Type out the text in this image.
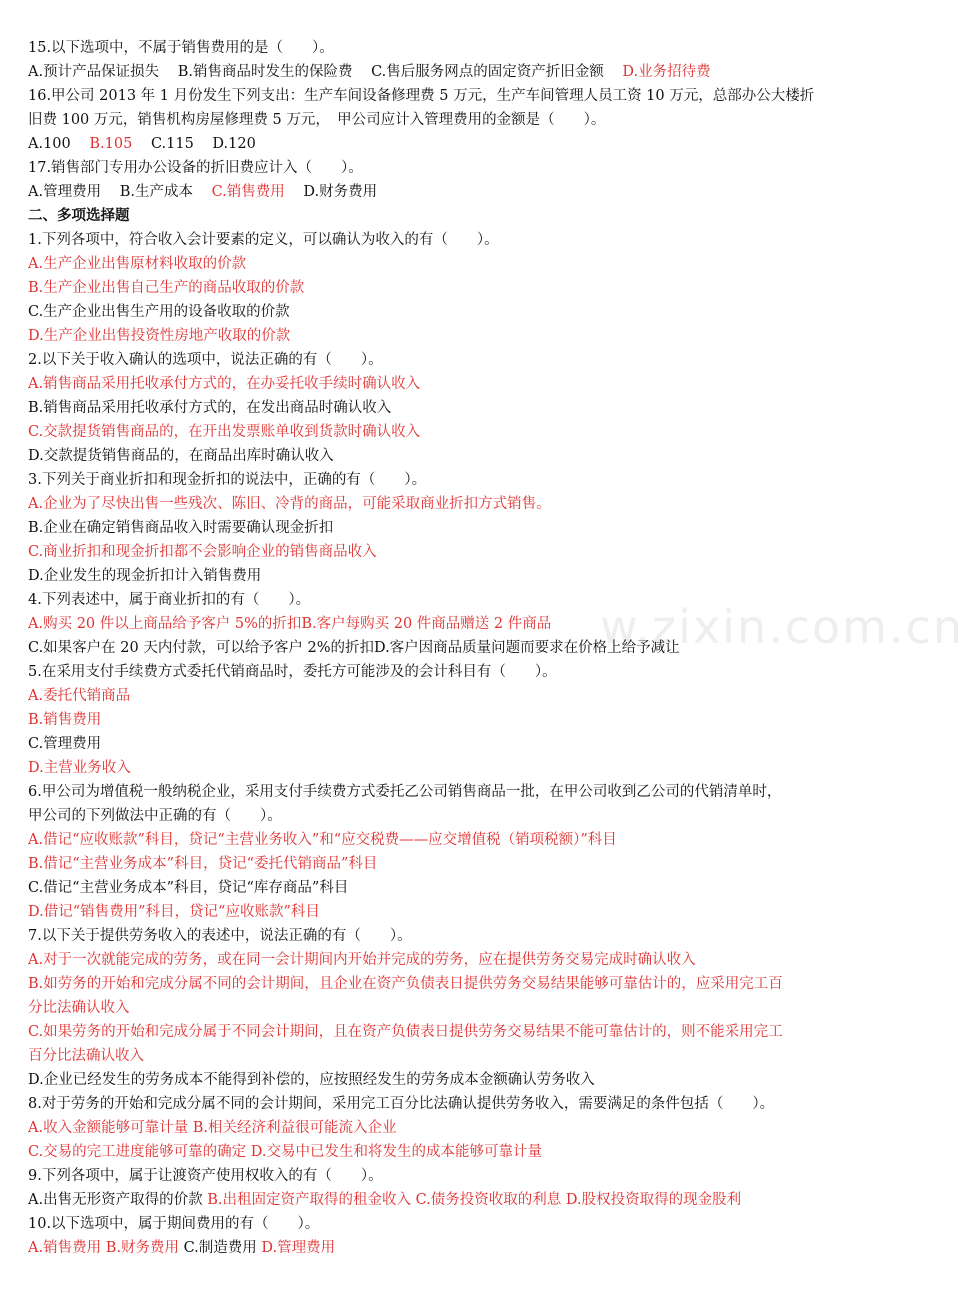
w.zixin.com.cn
15.以下选项中，不属于销售费用的是（　　）。
A.预计产品保证损失 B.销售商品时发生的保险费 C.售后服务网点的固定资产折旧金额 D.业务招待费
16.甲公司 2013 年 1 月份发生下列支出：生产车间设备修理费 5 万元，生产车间管理人员工资 10 万元，总部办公大楼折
旧费 100 万元，销售机构房屋修理费 5 万元，　甲公司应计入管理费用的金额是（　　）。
A.100 B.105 C.115 D.120
17.销售部门专用办公设备的折旧费应计入（　　）。
A.管理费用 B.生产成本 C.销售费用 D.财务费用
二、多项选择题
1.下列各项中，符合收入会计要素的定义，可以确认为收入的有（　　）。
A.生产企业出售原材料收取的价款
B.生产企业出售自己生产的商品收取的价款
C.生产企业出售生产用的设备收取的价款
D.生产企业出售投资性房地产收取的价款
2.以下关于收入确认的选项中，说法正确的有（　　）。
A.销售商品采用托收承付方式的，在办妥托收手续时确认收入
B.销售商品采用托收承付方式的，在发出商品时确认收入
C.交款提货销售商品的，在开出发票账单收到货款时确认收入
D.交款提货销售商品的，在商品出库时确认收入
3.下列关于商业折扣和现金折扣的说法中，正确的有（　　）。
A.企业为了尽快出售一些残次、陈旧、冷背的商品，可能采取商业折扣方式销售。
B.企业在确定销售商品收入时需要确认现金折扣
C.商业折扣和现金折扣都不会影响企业的销售商品收入
D.企业发生的现金折扣计入销售费用
4.下列表述中，属于商业折扣的有（　　）。
A.购买 20 件以上商品给予客户 5%的折扣B.客户每购买 20 件商品赠送 2 件商品
C.如果客户在 20 天内付款，可以给予客户 2%的折扣D.客户因商品质量问题而要求在价格上给予减让
5.在采用支付手续费方式委托代销商品时，委托方可能涉及的会计科目有（　　）。
A.委托代销商品
B.销售费用
C.管理费用
D.主营业务收入
6.甲公司为增值税一般纳税企业，采用支付手续费方式委托乙公司销售商品一批，在甲公司收到乙公司的代销清单时，
甲公司的下列做法中正确的有（　　）。
A.借记“应收账款”科目，贷记“主营业务收入”和“应交税费——应交增值税（销项税额）”科目
B.借记“主营业务成本”科目，贷记“委托代销商品”科目
C.借记“主营业务成本”科目，贷记“库存商品”科目
D.借记“销售费用”科目，贷记“应收账款”科目
7.以下关于提供劳务收入的表述中，说法正确的有（　　）。
A.对于一次就能完成的劳务，或在同一会计期间内开始并完成的劳务，应在提供劳务交易完成时确认收入
B.如劳务的开始和完成分属不同的会计期间，且企业在资产负债表日提供劳务交易结果能够可靠估计的，应采用完工百
分比法确认收入
C.如果劳务的开始和完成分属于不同会计期间，且在资产负债表日提供劳务交易结果不能可靠估计的，则不能采用完工
百分比法确认收入
D.企业已经发生的劳务成本不能得到补偿的，应按照经发生的劳务成本金额确认劳务收入
8.对于劳务的开始和完成分属不同的会计期间，采用完工百分比法确认提供劳务收入，需要满足的条件包括（　　）。
A.收入金额能够可靠计量 B.相关经济利益很可能流入企业
C.交易的完工进度能够可靠的确定 D.交易中已发生和将发生的成本能够可靠计量
9.下列各项中，属于让渡资产使用权收入的有（　　）。
A.出售无形资产取得的价款 B.出租固定资产取得的租金收入 C.债务投资收取的利息 D.股权投资取得的现金股利
10.以下选项中，属于期间费用的有（　　）。
A.销售费用 B.财务费用 C.制造费用 D.管理费用
